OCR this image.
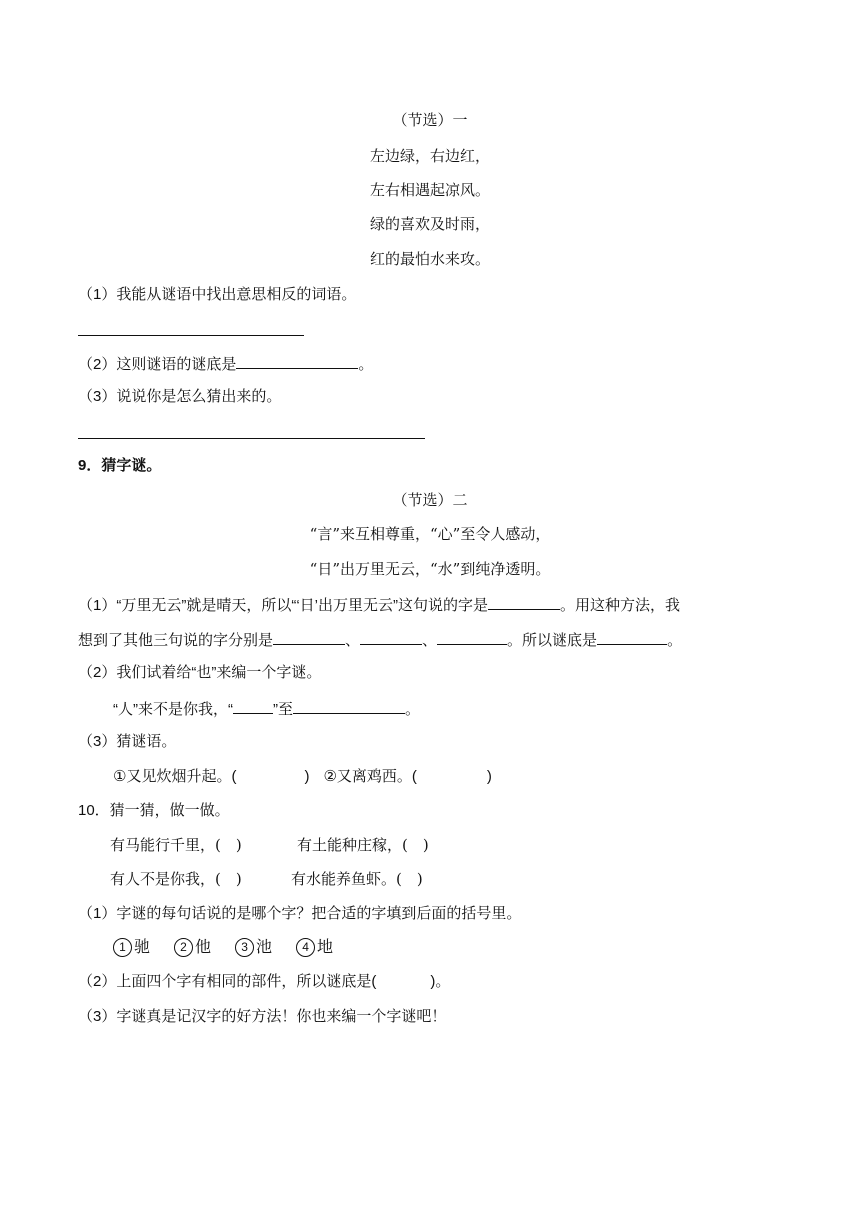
（节选）一
左边绿，右边红，
左右相遇起凉风。
绿的喜欢及时雨，
红的最怕水来攻。
（1）我能从谜语中找出意思相反的词语。
（2）这则谜语的谜底是	。
（3）说说你是怎么猜出来的。
9．猜字谜。
（节选）二
“言”来互相尊重，“心”至令人感动，
“日”出万里无云，“水”到纯净透明。
（1）“万里无云”就是晴天，所以“‘日’出万里无云”这句说的字是	。用这种方法，我
想到了其他三句说的字分别是	、	、	。所以谜底是	。
（2）我们试着给“也”来编一个字谜。
“人”来不是你我，“	”至	。
（3）猜谜语。
①又见炊烟升起。(	) ②又离鸡西。(	)
10．猜一猜，做一做。
有马能行千里，(　)	有土能种庄稼，(　)
有人不是你我，(　)	有水能养鱼虾。(　)
（1）字谜的每句话说的是哪个字？把合适的字填到后面的括号里。
1 驰	2 他	3 池	4 地
（2）上面四个字有相同的部件，所以谜底是(	)。
（3）字谜真是记汉字的好方法！你也来编一个字谜吧！
